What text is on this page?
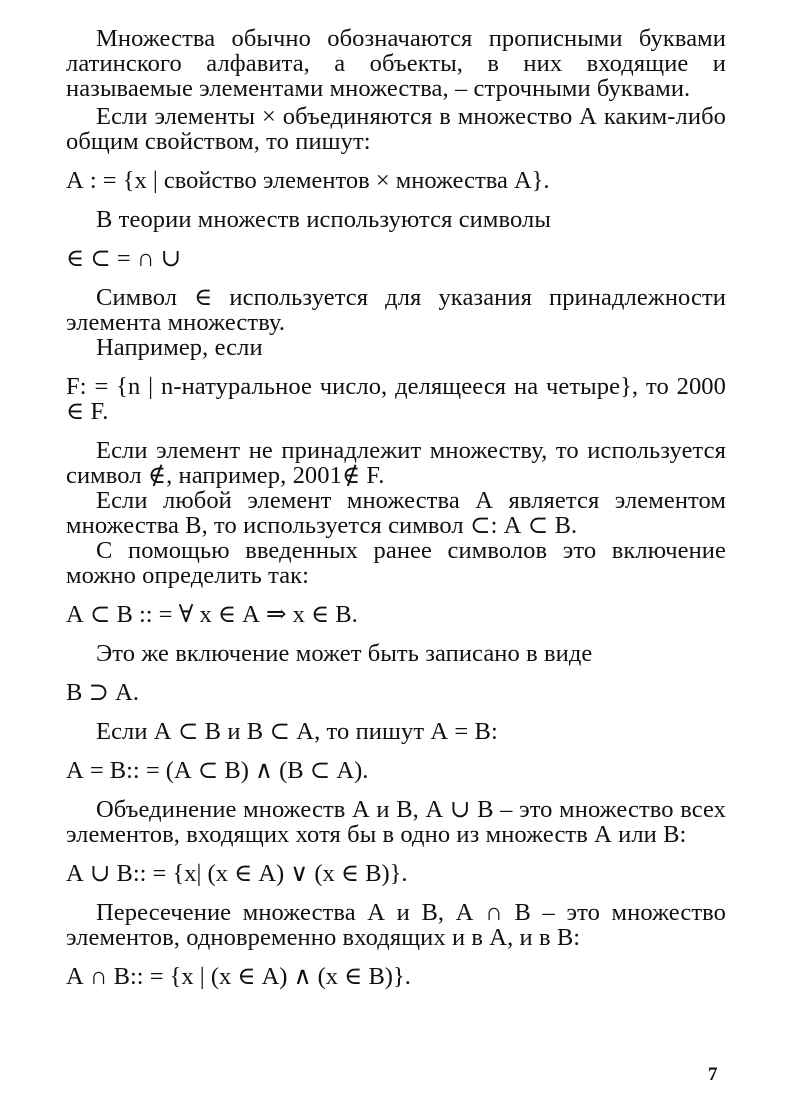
Множества обычно обозначаются прописными буквами латинского алфавита, а объекты, в них входящие и называемые элементами множества, – строчными буквами.

Если элементы × объединяются в множество А каким-либо общим свойством, то пишут:

А : = {x | свойство элементов × множества А}.

В теории множеств используются символы

∈ ⊂ = ∩ ∪

Символ ∈ используется для указания принадлежности элемента множеству.

Например, если

F: = {n | n-натуральное число, делящееся на четыре}, то 2000 ∈ F.

Если элемент не принадлежит множеству, то используется символ ∉, например, 2001∉ F.

Если любой элемент множества А является элементом множества В, то используется символ ⊂: А ⊂ В.

С помощью введенных ранее символов это включение можно определить так:

А ⊂ В :: = ∀ x ∈ А ⇒ x ∈ В.

Это же включение может быть записано в виде

В ⊃ А.

Если А ⊂ В и В ⊂ А, то пишут А = В:

А = В:: = (А ⊂ В) ∧ (В ⊂ А).

Объединение множеств А и В, А ∪ В – это множество всех элементов, входящих хотя бы в одно из множеств А или В:

А ∪ В:: = {x| (x ∈ А) ∨ (x ∈ В)}.

Пересечение множества А и В, А ∩ В – это множество элементов, одновременно входящих и в А, и в В:

А ∩ В:: = {x | (x ∈ А) ∧ (x ∈ В)}.

7
